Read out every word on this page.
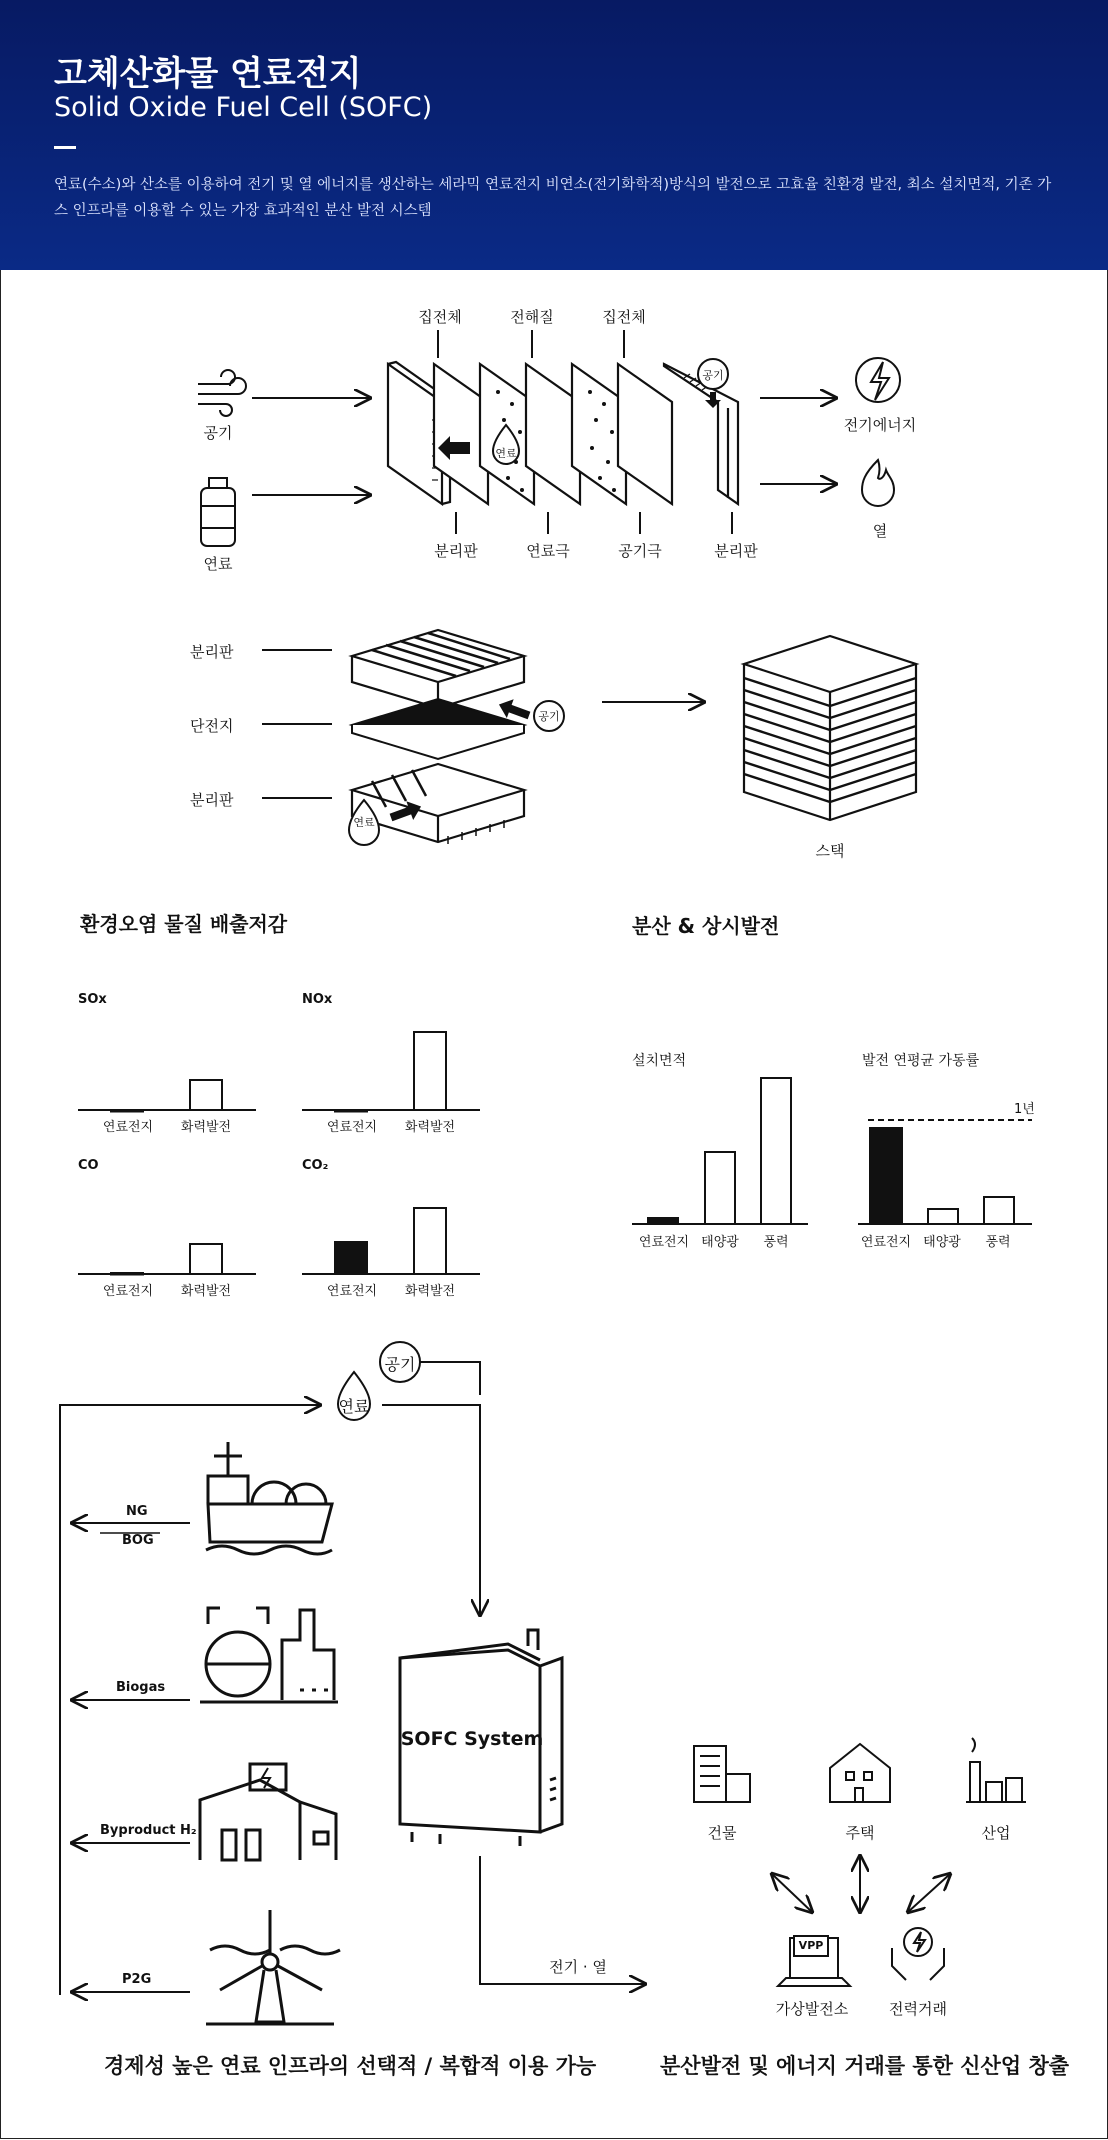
고체산화물 연료전지
Solid Oxide Fuel Cell (SOFC)
연료(수소)와 산소를 이용하여 전기 및 열 에너지를 생산하는 세라믹 연료전지 비연소(전기화학적)방식의 발전으로 고효율 친환경 발전, 최소 설치면적, 기존 가스 인프라를 이용할 수 있는 가장 효과적인 분산 발전 시스템
집전체	전해질	집전체
분리판	연료극	공기극	분리판
공기
연료
전기에너지
열
연료
공기
분리판
단전지
분리판
공기
연료
스택
환경오염 물질 배출저감	분산 & 상시발전
SOx	NOx
CO	CO₂
연료전지 화력발전	연료전지 화력발전
연료전지 화력발전	연료전지 화력발전
설치면적	발전 연평균 가동률
1년
연료전지 태양광 풍력	연료전지 태양광 풍력
공기
연료
NG
BOG
Biogas
Byproduct H₂
P2G
SOFC System
전기 · 열
건물	주택	산업
VPP
가상발전소	전력거래
경제성 높은 연료 인프라의 선택적 / 복합적 이용 가능	분산발전 및 에너지 거래를 통한 신산업 창출
